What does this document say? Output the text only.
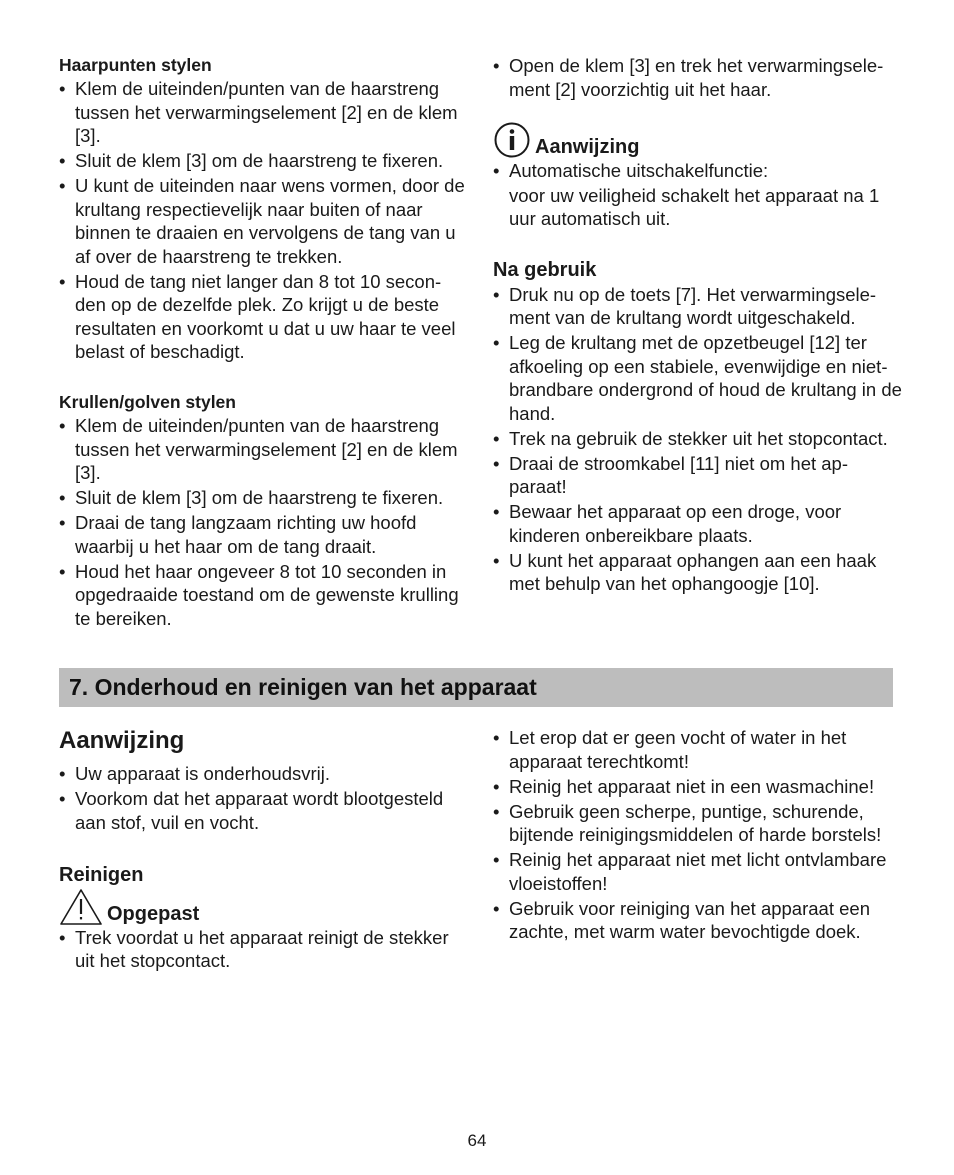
Haarpunten stylen

• Klem de uiteinden/punten van de haarstreng tussen het verwarmingselement [2] en de klem [3].
• Sluit de klem [3] om de haarstreng te fixeren.
• U kunt de uiteinden naar wens vormen, door de krultang respectievelijk naar buiten of naar binnen te draaien en vervolgens de tang van u af over de haarstreng te trekken.
• Houd de tang niet langer dan 8 tot 10 secon-den op de dezelfde plek. Zo krijgt u de beste resultaten en voorkomt u dat u uw haar te veel belast of beschadigt.

Krullen/golven stylen

• Klem de uiteinden/punten van de haarstreng tussen het verwarmingselement [2] en de klem [3].
• Sluit de klem [3] om de haarstreng te fixeren.
• Draai de tang langzaam richting uw hoofd waarbij u het haar om de tang draait.
• Houd het haar ongeveer 8 tot 10 seconden in opgedraaide toestand om de gewenste krulling te bereiken.
• Open de klem [3] en trek het verwarmingsele-ment [2] voorzichtig uit het haar.
Aanwijzing
• Automatische uitschakelfunctie:
voor uw veiligheid schakelt het apparaat na 1 uur automatisch uit.

Na gebruik

• Druk nu op de toets [7]. Het verwarmingsele-ment van de krultang wordt uitgeschakeld.
• Leg de krultang met de opzetbeugel [12] ter afkoeling op een stabiele, evenwijdige en niet-brandbare ondergrond of houd de krultang in de hand.
• Trek na gebruik de stekker uit het stopcontact.
• Draai de stroomkabel [11] niet om het ap-paraat!
• Bewaar het apparaat op een droge, voor kinderen onbereikbare plaats.
• U kunt het apparaat ophangen aan een haak met behulp van het ophangoogje [10].
7. Onderhoud en reinigen van het apparaat

Aanwijzing

• Uw apparaat is onderhoudsvrij.
• Voorkom dat het apparaat wordt blootgesteld aan stof, vuil en vocht.

Reinigen

Opgepast
• Trek voordat u het apparaat reinigt de stekker uit het stopcontact.
• Let erop dat er geen vocht of water in het apparaat terechtkomt!
• Reinig het apparaat niet in een wasmachine!
• Gebruik geen scherpe, puntige, schurende, bijtende reinigingsmiddelen of harde borstels!
• Reinig het apparaat niet met licht ontvlambare vloeistoffen!
• Gebruik voor reiniging van het apparaat een zachte, met warm water bevochtigde doek.
64
